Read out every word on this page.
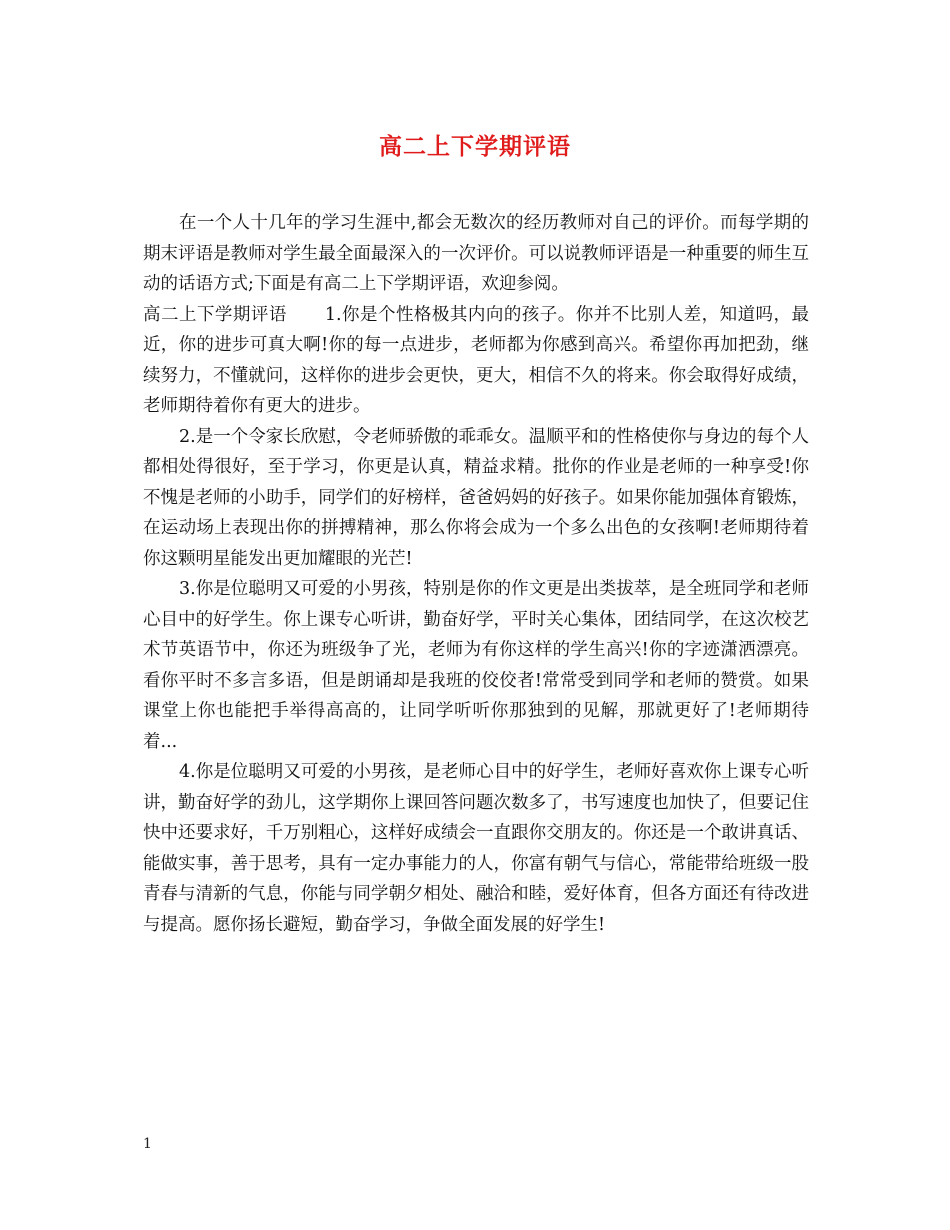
高二上下学期评语

在一个人十几年的学习生涯中,都会无数次的经历教师对自己的评价。而每学期的期末评语是教师对学生最全面最深入的一次评价。可以说教师评语是一种重要的师生互动的话语方式;下面是有高二上下学期评语，欢迎参阅。

高二上下学期评语 1.你是个性格极其内向的孩子。你并不比别人差，知道吗，最近，你的进步可真大啊!你的每一点进步，老师都为你感到高兴。希望你再加把劲，继续努力，不懂就问，这样你的进步会更快，更大，相信不久的将来。你会取得好成绩，老师期待着你有更大的进步。

2.是一个令家长欣慰，令老师骄傲的乖乖女。温顺平和的性格使你与身边的每个人都相处得很好，至于学习，你更是认真，精益求精。批你的作业是老师的一种享受!你不愧是老师的小助手，同学们的好榜样，爸爸妈妈的好孩子。如果你能加强体育锻炼，在运动场上表现出你的拼搏精神，那么你将会成为一个多么出色的女孩啊!老师期待着你这颗明星能发出更加耀眼的光芒!

3.你是位聪明又可爱的小男孩，特别是你的作文更是出类拔萃，是全班同学和老师心目中的好学生。你上课专心听讲，勤奋好学，平时关心集体，团结同学，在这次校艺术节英语节中，你还为班级争了光，老师为有你这样的学生高兴!你的字迹潇洒漂亮。看你平时不多言多语，但是朗诵却是我班的佼佼者!常常受到同学和老师的赞赏。如果课堂上你也能把手举得高高的，让同学听听你那独到的见解，那就更好了!老师期待着...

4.你是位聪明又可爱的小男孩，是老师心目中的好学生，老师好喜欢你上课专心听讲，勤奋好学的劲儿，这学期你上课回答问题次数多了，书写速度也加快了，但要记住快中还要求好，千万别粗心，这样好成绩会一直跟你交朋友的。你还是一个敢讲真话、能做实事，善于思考，具有一定办事能力的人，你富有朝气与信心，常能带给班级一股青春与清新的气息，你能与同学朝夕相处、融洽和睦，爱好体育，但各方面还有待改进与提高。愿你扬长避短，勤奋学习，争做全面发展的好学生!

1
